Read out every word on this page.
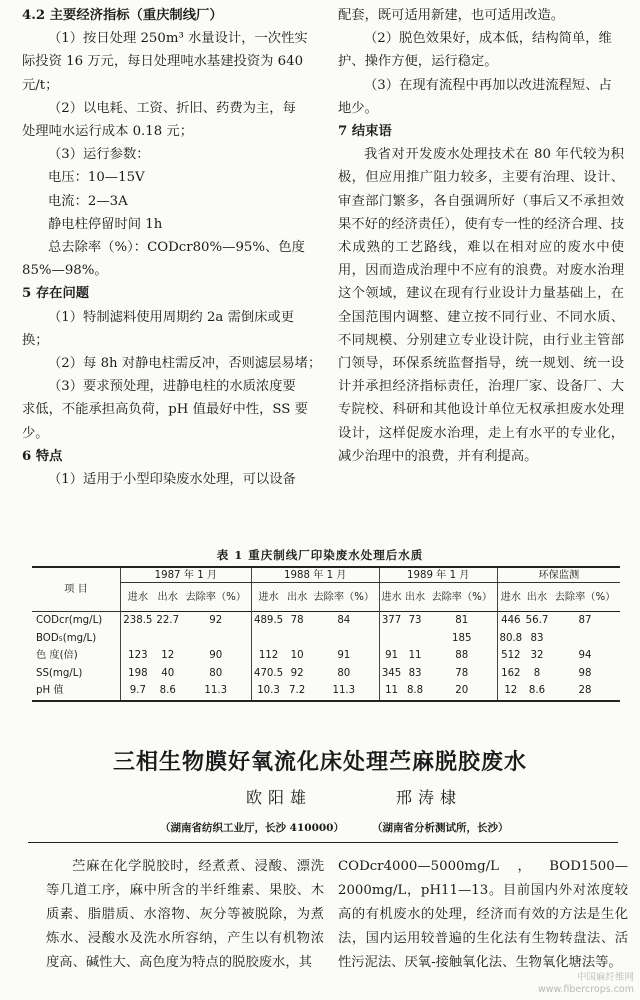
4.2 主要经济指标（重庆制线厂）
（1）按日处理 250m³ 水量设计，一次性实
际投资 16 万元，每日处理吨水基建投资为 640
元/t；
（2）以电耗、工资、折旧、药费为主，每
处理吨水运行成本 0.18 元；
（3）运行参数：
电压：10—15V
电流：2—3A
静电柱停留时间 1h
总去除率（%）：CODcr80%—95%、色度
85%—98%。
5 存在问题
（1）特制滤料使用周期约 2a 需倒床或更
换；
（2）每 8h 对静电柱需反冲，否则滤层易堵；
（3）要求预处理，进静电柱的水质浓度要
求低，不能承担高负荷，pH 值最好中性，SS 要
少。
6 特点
（1）适用于小型印染废水处理，可以设备
配套，既可适用新建，也可适用改造。
（2）脱色效果好，成本低，结构简单，维
护、操作方便，运行稳定。
（3）在现有流程中再加以改进流程短、占
地少。
7 结束语
我省对开发废水处理技术在 80 年代较为积极，但应用推广阻力较多，主要有治理、设计、审查部门繁多，各自强调所好（事后又不承担效果不好的经济责任），使有专一性的经济合理、技术成熟的工艺路线，难以在相对应的废水中使用，因而造成治理中不应有的浪费。对废水治理这个领域，建议在现有行业设计力量基础上，在全国范围内调整、建立按不同行业、不同水质、不同规模、分别建立专业设计院，由行业主管部门领导，环保系统监督指导，统一规划、统一设计并承担经济指标责任，治理厂家、设备厂、大专院校、科研和其他设计单位无权承担废水处理设计，这样促废水治理，走上有水平的专业化，减少治理中的浪费，并有利提高。
表 1 重庆制线厂印染废水处理后水质
项 目	1987 年 1 月			1988 年 1 月			1989 年 1 月			环保监测		
	进水	出水	去除率（%）	进水	出水	去除率（%）	进水	出水	去除率（%）	进水	出水	去除率（%）
CODcr(mg/L)	238.5	22.7	92	489.5	78	84	377	73	81	446	56.7	87
BOD₅(mg/L)									185	80.8	83	
色 度(倍)	123	12	90	112	10	91	91	11	88	512	32	94
SS(mg/L)	198	40	80	470.5	92	80	345	83	78	162	8	98
pH 值	9.7	8.6	11.3	10.3	7.2	11.3	11	8.8	20	12	8.6	28
三相生物膜好氧流化床处理苎麻脱胶废水
欧阳雄	邢涛棣
（湖南省纺织工业厅，长沙 410000）	（湖南省分析测试所，长沙）
苎麻在化学脱胶时，经煮煮、浸酸、漂洗等几道工序，麻中所含的半纤维素、果胶、木质素、脂腊质、水溶物、灰分等被脱除，为煮炼水、浸酸水及洗水所容纳，产生以有机物浓度高、碱性大、高色度为特点的脱胶废水，其
CODcr4000—5000mg/L，BOD1500—2000mg/L，pH11—13。目前国内外对浓度较高的有机废水的处理，经济而有效的方法是生化法，国内运用较普遍的生化法有生物转盘法、活性污泥法、厌氧-接触氧化法、生物氧化塘法等。
中国麻纤维网
www.fibercrops.com
